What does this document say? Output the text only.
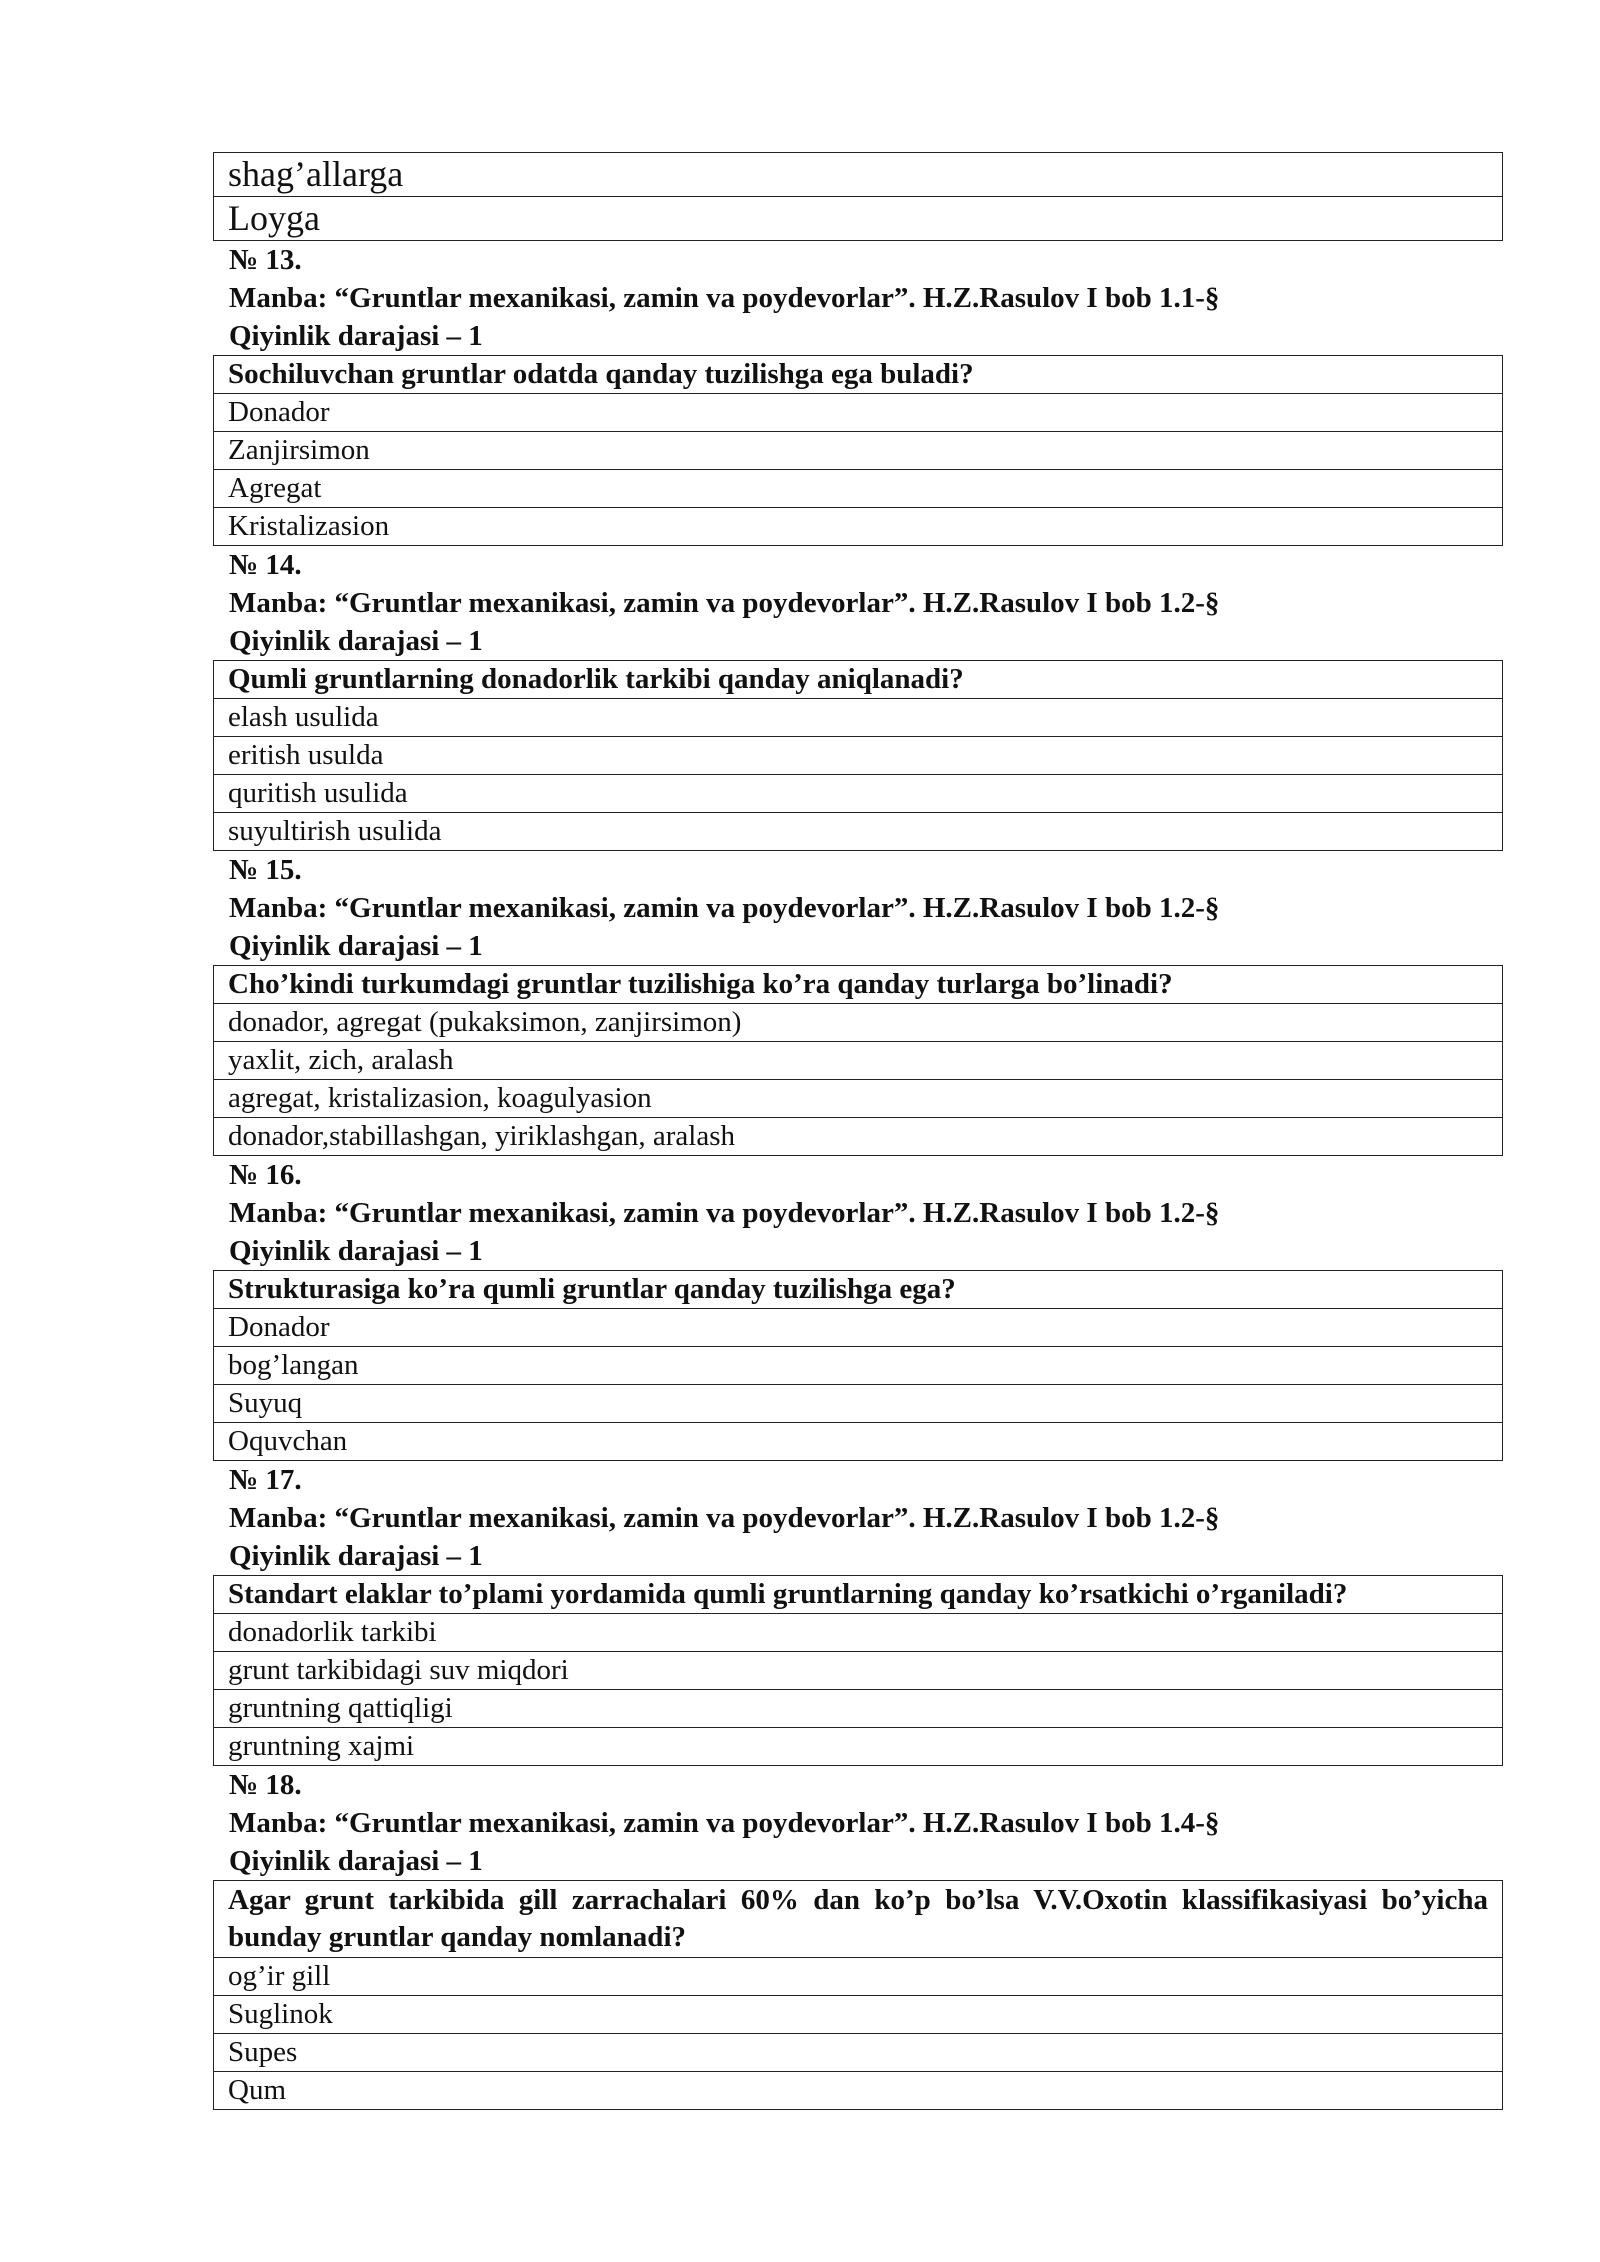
shag’allarga
Loyga
№ 13.
Manba: “Gruntlar mexanikasi, zamin va poydevorlar”. H.Z.Rasulov I bob 1.1-§
Qiyinlik darajasi – 1
Sochiluvchan gruntlar odatda qanday tuzilishga ega buladi?
Donador
Zanjirsimon
Agregat
Kristalizasion
№ 14.
Manba: “Gruntlar mexanikasi, zamin va poydevorlar”. H.Z.Rasulov I bob 1.2-§
Qiyinlik darajasi – 1
Qumli gruntlarning donadorlik tarkibi qanday aniqlanadi?
elash usulida
eritish usulda
quritish usulida
suyultirish usulida
№ 15.
Manba: “Gruntlar mexanikasi, zamin va poydevorlar”. H.Z.Rasulov I bob 1.2-§
Qiyinlik darajasi – 1
Cho’kindi turkumdagi gruntlar tuzilishiga ko’ra qanday turlarga bo’linadi?
donador, agregat (pukaksimon, zanjirsimon)
yaxlit, zich, aralash
agregat, kristalizasion, koagulyasion
donador,stabillashgan, yiriklashgan, aralash
№ 16.
Manba: “Gruntlar mexanikasi, zamin va poydevorlar”. H.Z.Rasulov I bob 1.2-§
Qiyinlik darajasi – 1
Strukturasiga ko’ra qumli gruntlar qanday tuzilishga ega?
Donador
bog’langan
Suyuq
Oquvchan
№ 17.
Manba: “Gruntlar mexanikasi, zamin va poydevorlar”. H.Z.Rasulov I bob 1.2-§
Qiyinlik darajasi – 1
Standart elaklar to’plami yordamida qumli gruntlarning qanday ko’rsatkichi o’rganiladi?
donadorlik tarkibi
grunt tarkibidagi suv miqdori
gruntning qattiqligi
gruntning xajmi
№ 18.
Manba: “Gruntlar mexanikasi, zamin va poydevorlar”. H.Z.Rasulov I bob 1.4-§
Qiyinlik darajasi – 1
Agar grunt tarkibida gill zarrachalari 60% dan ko’p bo’lsa V.V.Oxotin klassifikasiyasi bo’yicha bunday gruntlar qanday nomlanadi?
og’ir gill
Suglinok
Supes
Qum
